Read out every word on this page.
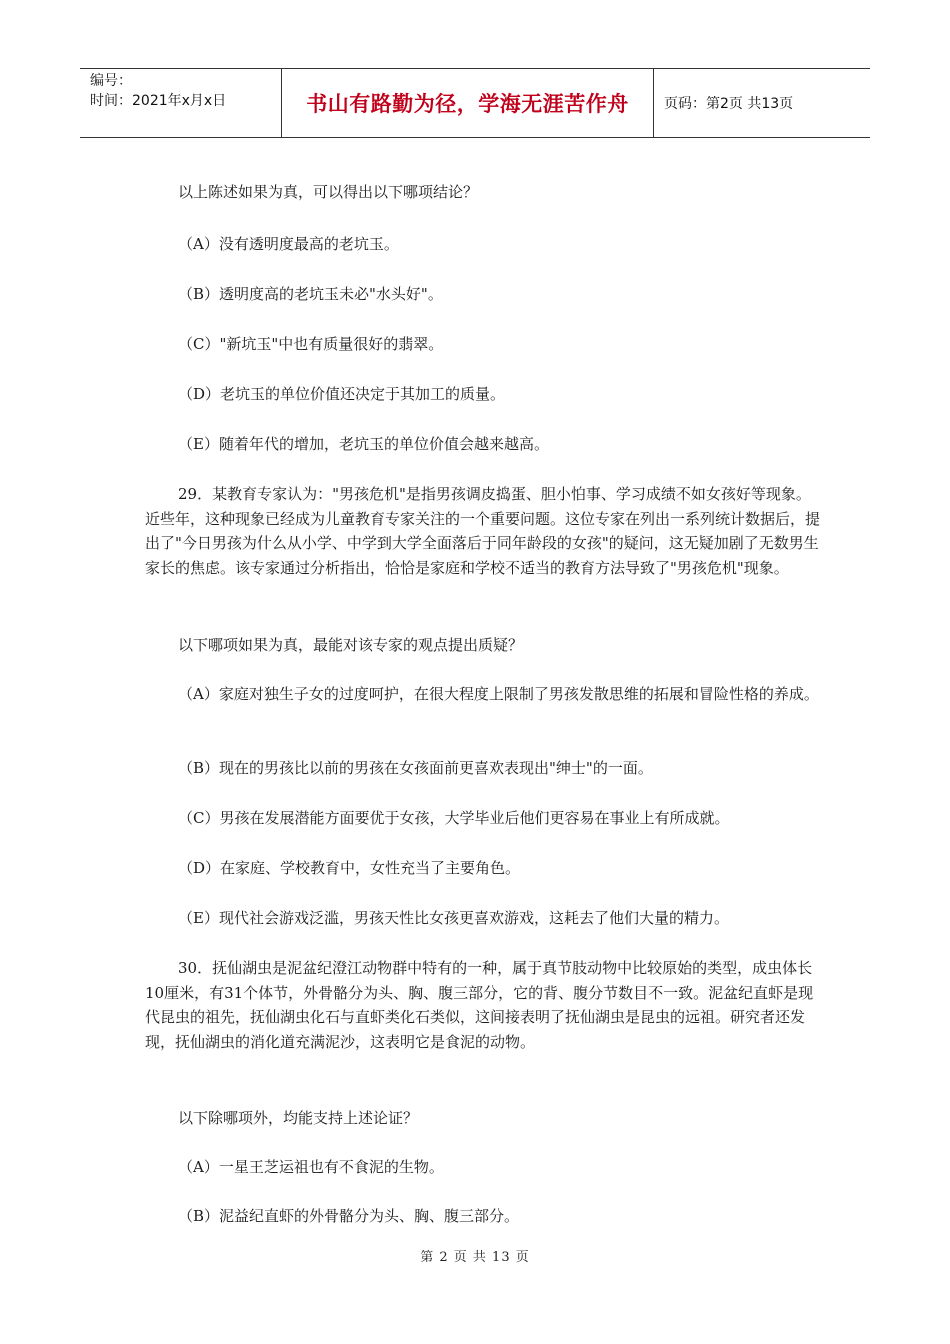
编号：
时间：2021年x月x日	书山有路勤为径，学海无涯苦作舟	页码：第2页 共13页

以上陈述如果为真，可以得出以下哪项结论？

（A）没有透明度最高的老坑玉。

（B）透明度高的老坑玉未必"水头好"。

（C）"新坑玉"中也有质量很好的翡翠。

（D）老坑玉的单位价值还决定于其加工的质量。

（E）随着年代的增加，老坑玉的单位价值会越来越高。

29．某教育专家认为："男孩危机"是指男孩调皮捣蛋、胆小怕事、学习成绩不如女孩好等现象。近些年，这种现象已经成为儿童教育专家关注的一个重要问题。这位专家在列出一系列统计数据后，提出了"今日男孩为什么从小学、中学到大学全面落后于同年龄段的女孩"的疑问，这无疑加剧了无数男生家长的焦虑。该专家通过分析指出，恰恰是家庭和学校不适当的教育方法导致了"男孩危机"现象。

以下哪项如果为真，最能对该专家的观点提出质疑？

（A）家庭对独生子女的过度呵护，在很大程度上限制了男孩发散思维的拓展和冒险性格的养成。

（B）现在的男孩比以前的男孩在女孩面前更喜欢表现出"绅士"的一面。

（C）男孩在发展潜能方面要优于女孩，大学毕业后他们更容易在事业上有所成就。

（D）在家庭、学校教育中，女性充当了主要角色。

（E）现代社会游戏泛滥，男孩天性比女孩更喜欢游戏，这耗去了他们大量的精力。

30．抚仙湖虫是泥盆纪澄江动物群中特有的一种，属于真节肢动物中比较原始的类型，成虫体长10厘米，有31个体节，外骨骼分为头、胸、腹三部分，它的背、腹分节数目不一致。泥盆纪直虾是现代昆虫的祖先，抚仙湖虫化石与直虾类化石类似，这间接表明了抚仙湖虫是昆虫的远祖。研究者还发现，抚仙湖虫的消化道充满泥沙，这表明它是食泥的动物。

以下除哪项外，均能支持上述论证？

（A）一星王芝运祖也有不食泥的生物。

（B）泥益纪直虾的外骨骼分为头、胸、腹三部分。

第 2 页 共 13 页
